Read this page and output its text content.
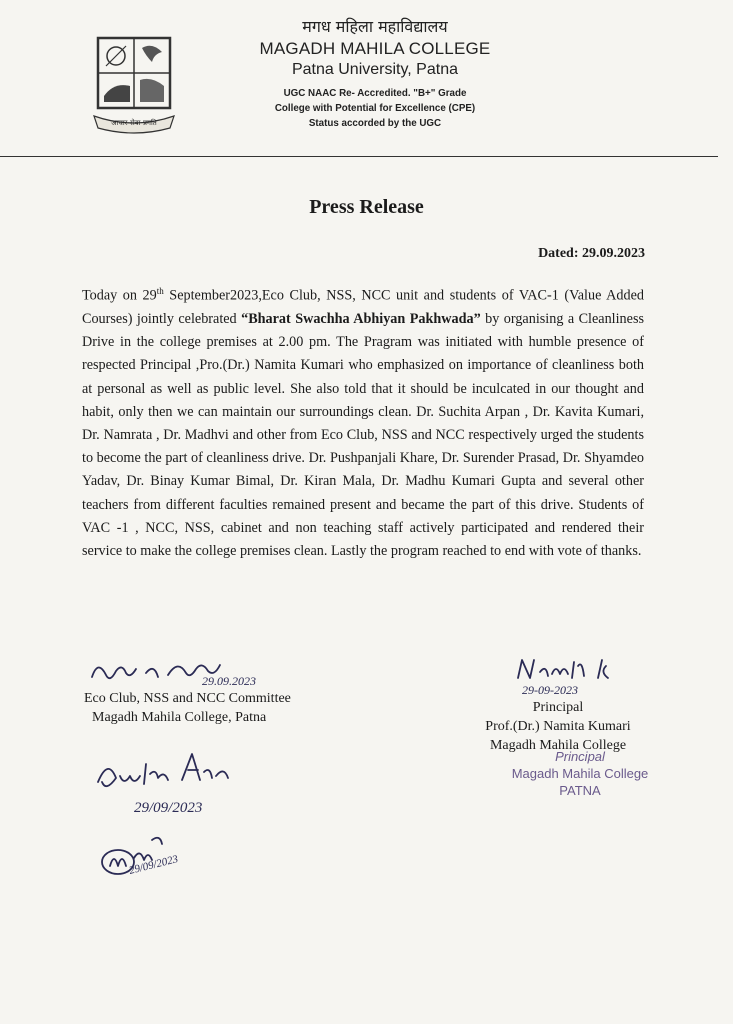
आचार-सेवा-प्रगति
मगध महिला महाविद्यालय
MAGADH MAHILA COLLEGE
Patna University, Patna
UGC NAAC Re- Accredited. "B+" Grade
College with Potential for Excellence (CPE)
Status accorded by the UGC
Press Release
Dated: 29.09.2023
Today on 29th September2023,Eco Club, NSS, NCC unit and students of VAC-1 (Value Added Courses) jointly celebrated “Bharat Swachha Abhiyan Pakhwada” by organising a Cleanliness Drive in the college premises at 2.00 pm. The Pragram was initiated with humble presence of respected Principal ,Pro.(Dr.) Namita Kumari who emphasized on importance of cleanliness both at personal as well as public level. She also told that it should be inculcated in our thought and habit, only then we can maintain our surroundings clean. Dr. Suchita Arpan , Dr. Kavita Kumari, Dr. Namrata , Dr. Madhvi and other from Eco Club, NSS and NCC respectively urged the students to become the part of cleanliness drive. Dr. Pushpanjali Khare, Dr. Surender Prasad, Dr. Shyamdeo Yadav, Dr. Binay Kumar Bimal, Dr. Kiran Mala, Dr. Madhu Kumari Gupta and several other teachers from different faculties remained present and became the part of this drive. Students of VAC -1 , NCC, NSS, cabinet and non teaching staff actively participated and rendered their service to make the college premises clean. Lastly the program reached to end with vote of thanks.
29.09.2023
Eco Club, NSS and NCC Committee
Magadh Mahila College, Patna
29-09-2023
Principal
Prof.(Dr.) Namita Kumari
Magadh Mahila College
Principal
Magadh Mahila College
PATNA
29/09/2023
29/09/2023
